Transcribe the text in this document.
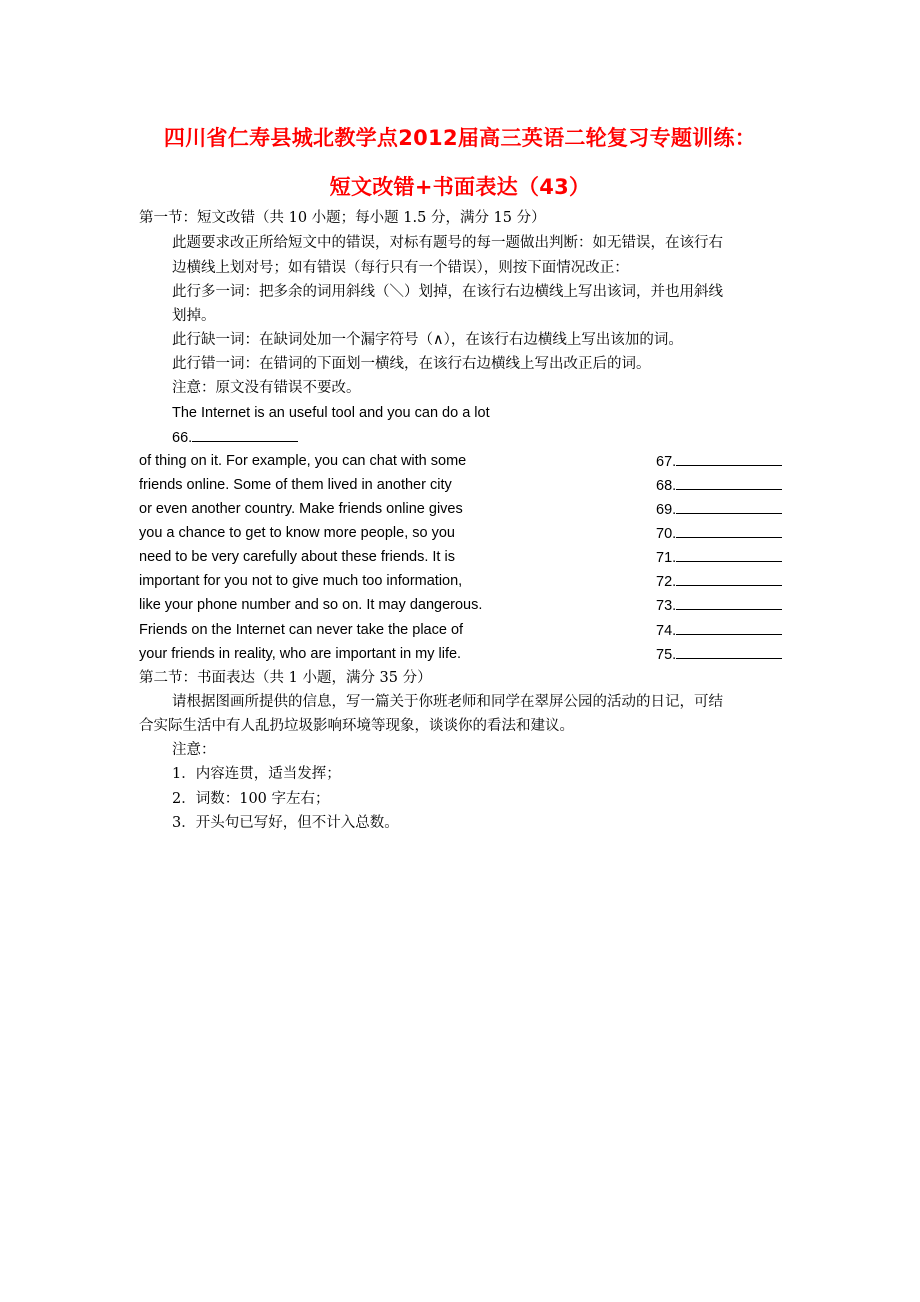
四川省仁寿县城北教学点2012届高三英语二轮复习专题训练：
短文改错+书面表达（43）
第一节：短文改错（共 10 小题；每小题 1.5 分，满分 15 分）
此题要求改正所给短文中的错误，对标有题号的每一题做出判断：如无错误，在该行右
边横线上划对号；如有错误（每行只有一个错误），则按下面情况改正：
此行多一词：把多余的词用斜线（＼）划掉，在该行右边横线上写出该词，并也用斜线
划掉。
此行缺一词：在缺词处加一个漏字符号（∧），在该行右边横线上写出该加的词。
此行错一词：在错词的下面划一横线，在该行右边横线上写出改正后的词。
注意：原文没有错误不要改。
The Internet is an useful tool and you can do a lot
66.
of thing on it. For example, you can chat with some	67.
friends online. Some of them lived in another city	68.
or even another country. Make friends online gives	69.
you a chance to get to know more people, so you	70.
need to be very carefully about these friends. It is	71.
important for you not to give much too information,	72.
like your phone number and so on. It may dangerous.	73.
Friends on the Internet can never take the place of	74.
your friends in reality, who are important in my life.	75.
第二节：书面表达（共 1 小题，满分 35 分）
请根据图画所提供的信息，写一篇关于你班老师和同学在翠屏公园的活动的日记，可结
合实际生活中有人乱扔垃圾影响环境等现象，谈谈你的看法和建议。
注意：
1．内容连贯，适当发挥；
2．词数：100 字左右；
3．开头句已写好，但不计入总数。
